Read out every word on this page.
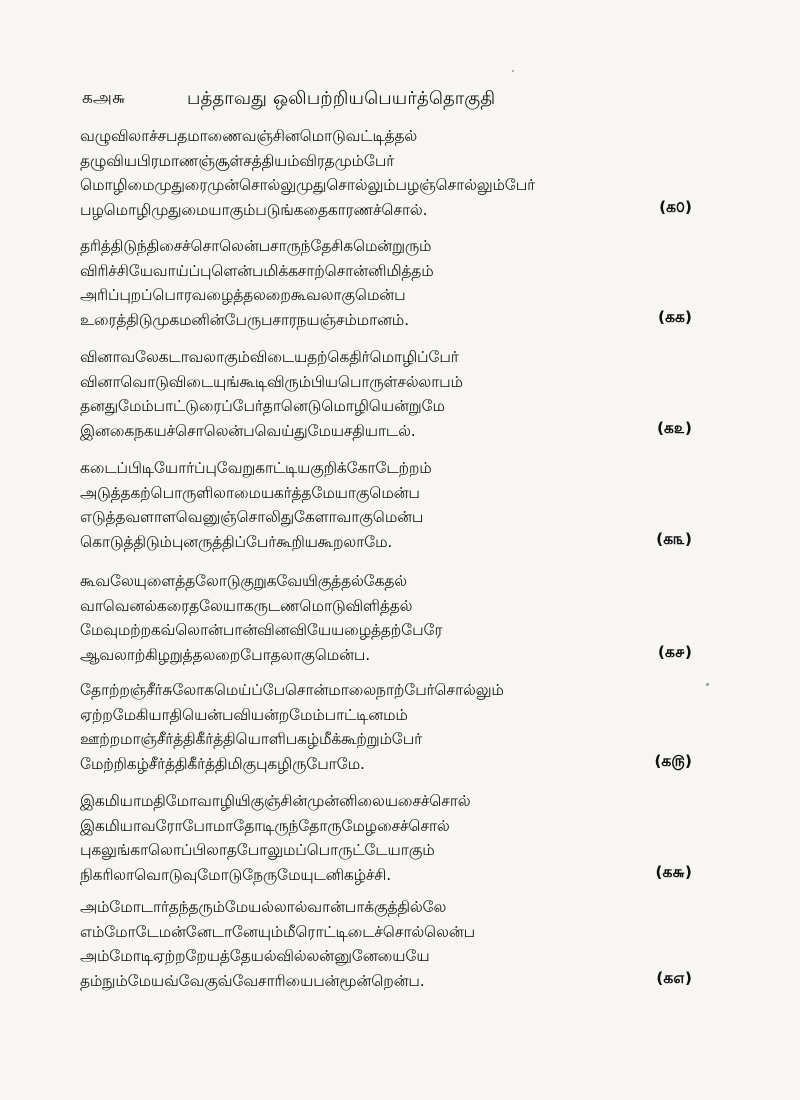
கஅ௬	பத்தாவது ஒலிபற்றியபெயர்த்தொகுதி
வழுவிலாச்சபதமாணைவஞ்சினமொடுவட்டித்தல்
தழுவியபிரமாணஞ்சூள்சத்தியம்விரதமும்பேர்
மொழிமைமுதுரைமுன்சொல்லுமுதுசொல்லும்பழஞ்சொல்லும்பேர்
பழமொழிமுதுமையாகும்படுங்கதைகாரணச்சொல்.	(க௦)
தரித்திடுந்திசைச்சொலென்பசாருந்தேசிகமென்றுரும்
விரிச்சியேவாய்ப்புளென்பமிக்கசாற்சொன்னிமித்தம்
அரிப்புறப்பொரவழைத்தலறைகூவலாகுமென்ப
உரைத்திடுமுகமனின்பேருபசாரநயஞ்சம்மானம்.	(கக)
வினாவலேகடாவலாகும்விடையதற்கெதிர்மொழிப்பேர்
வினாவொடுவிடையுங்கூடிவிரும்பியபொருள்சல்லாபம்
தனதுமேம்பாட்டுரைப்பேர்தானெடுமொழியென்றுமே
இனகைநகயச்சொலென்பவெய்துமேயசதியாடல்.	(க௨)
கடைப்பிடியோர்ப்புவேறுகாட்டியகுறிக்கோடேற்றம்
அடுத்தகற்பொருளிலாமையகர்த்தமேயாகுமென்ப
எடுத்தவளாளவெனுஞ்சொலிதுகேளாவாகுமென்ப
கொடுத்திடும்புனருத்திப்பேர்கூறியகூறலாமே.	(க௩)
கூவலேயுளைத்தலோடுகுறுகவேயிகுத்தல்கேதல்
வாவெனல்கரைதலேயாகருடணமொடுவிளித்தல்
மேவுமற்றகவ்லொன்பான்வினவியேயழைத்தற்பேரே
ஆவலாற்கிழறுத்தலறைபோதலாகுமென்ப.	(க௪)
தோற்றஞ்சீர்சுலோகமெய்ப்பேசொன்மாலைநாற்பேர்சொல்லும்
ஏற்றமேகியாதியென்பவியன்றமேம்பாட்டினமம்
ஊற்றமாஞ்சீர்த்திகீர்த்தியொளிபகழ்மீக்கூற்றும்பேர்
மேற்றிகழ்சீர்த்திகீர்த்திமிகுபுகழிருபோமே.	(க௫)
இகமியாமதிமோவாழியிகுஞ்சின்முன்னிலையசைச்சொல்
இகமியாவரோபோமாதோடிருந்தோருமேழசைச்சொல்
புகலுங்காலொப்பிலாதபோலுமப்பொருட்டேயாகும்
நிகரிலாவொடுவுமோடுநேருமேயுடனிகழ்ச்சி.	(க௬)
அம்மோடார்தந்தரும்மேயல்லால்வான்பாக்குத்தில்லே
எம்மோடேமன்னேடானேயும்மீரொட்டிடைச்சொல்லென்ப
அம்மோடிஏற்றறேயத்தேயல்வில்லன்னுனேயையே
தம்நும்மேயவ்வேகுவ்வேசாரியைபன்மூன்றென்ப.	(க௭)
